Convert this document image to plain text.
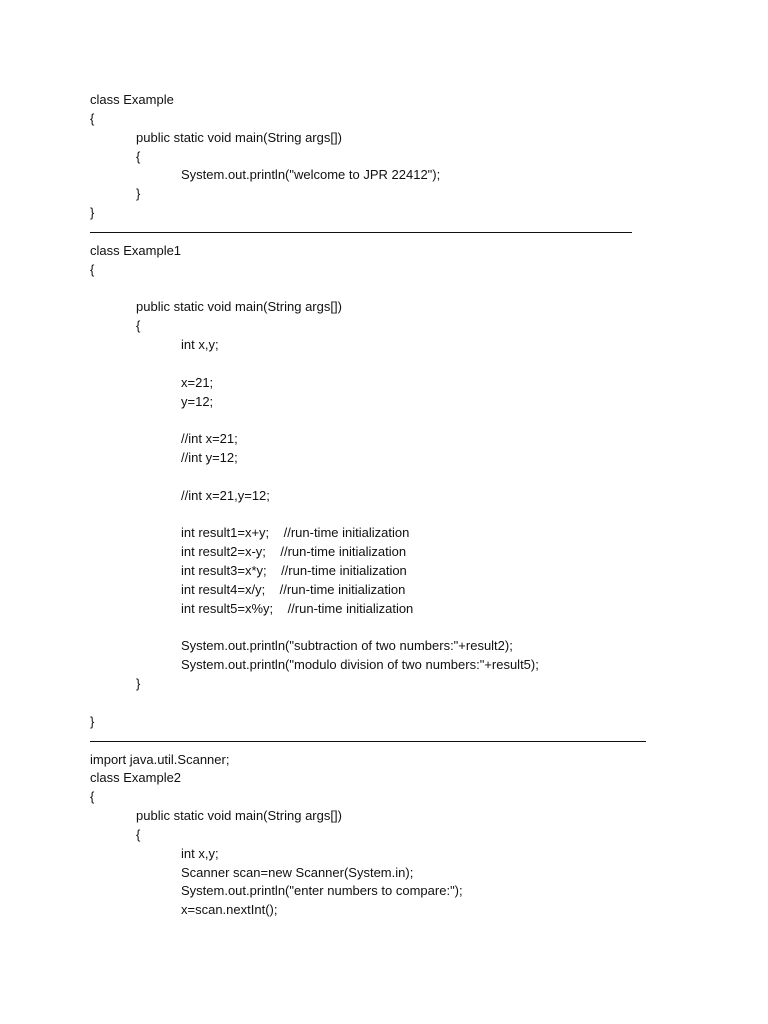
class Example
{
public static void main(String args[])
{
System.out.println("welcome to JPR 22412");
}
}
class Example1
{
public static void main(String args[])
{
int x,y;
x=21;
y=12;
//int x=21;
//int y=12;
//int x=21,y=12;
int result1=x+y;    //run-time initialization
int result2=x-y;    //run-time initialization
int result3=x*y;    //run-time initialization
int result4=x/y;    //run-time initialization
int result5=x%y;    //run-time initialization
System.out.println("subtraction of two numbers:"+result2);
System.out.println("modulo division of two numbers:"+result5);
}
}
import java.util.Scanner;
class Example2
{
public static void main(String args[])
{
int x,y;
Scanner scan=new Scanner(System.in);
System.out.println("enter numbers to compare:");
x=scan.nextInt();
